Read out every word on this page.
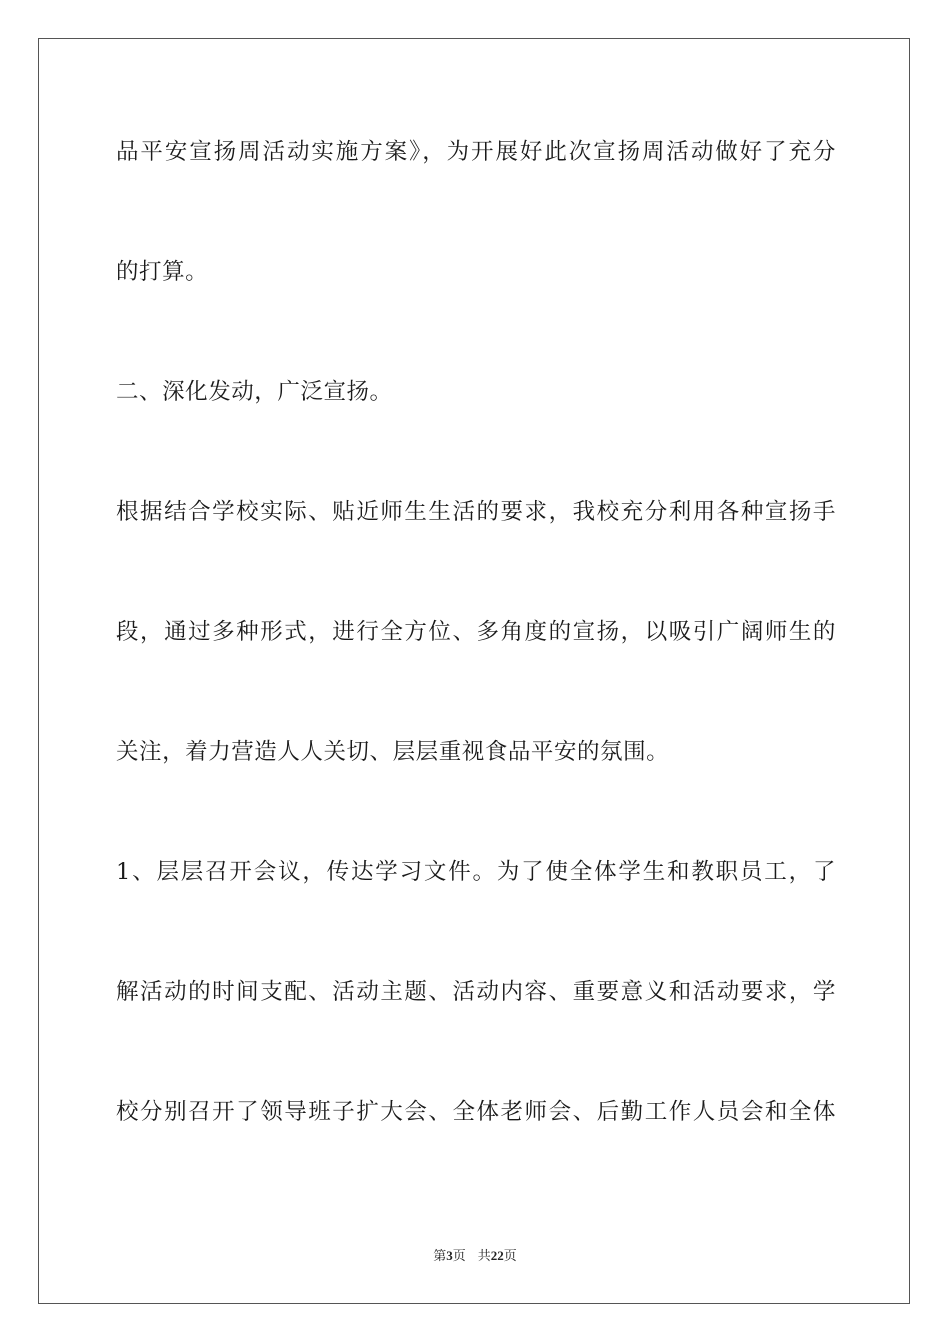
品平安宣扬周活动实施方案》，为开展好此次宣扬周活动做好了充分
的打算。
二、深化发动，广泛宣扬。
根据结合学校实际、贴近师生生活的要求，我校充分利用各种宣扬手
段，通过多种形式，进行全方位、多角度的宣扬，以吸引广阔师生的
关注，着力营造人人关切、层层重视食品平安的氛围。
1、层层召开会议，传达学习文件。为了使全体学生和教职员工，了
解活动的时间支配、活动主题、活动内容、重要意义和活动要求，学
校分别召开了领导班子扩大会、全体老师会、后勤工作人员会和全体
第3页 共22页
